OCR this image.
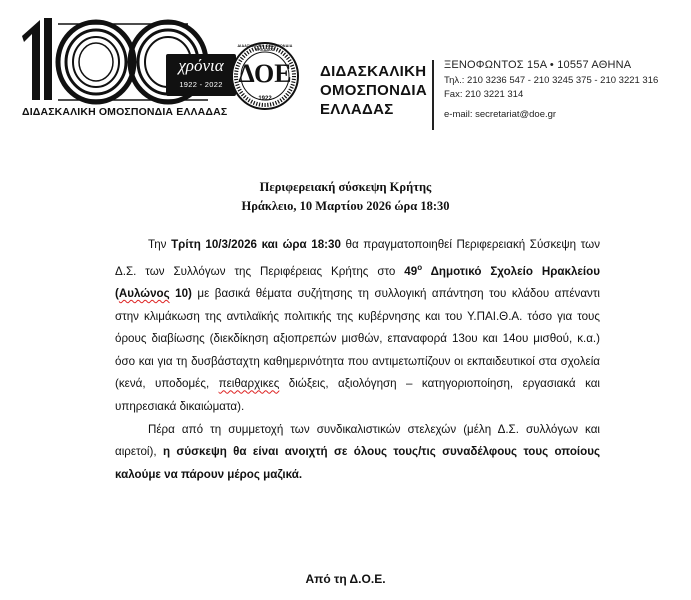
χρόνια
1922 - 2022 ΔΟΕ
ΔΙΔΑΣΚΑΛΙΚΗ ΟΜΟΣΠΟΝΔΙΑ ΕΛΛΑΔΟΣ
1922
ΔΙΔΑΣΚΑΛΙΚΗ ΟΜΟΣΠΟΝΔΙΑ ΕΛΛΑΔΑΣ
ΔΙΔΑΣΚΑΛΙΚΗ
ΟΜΟΣΠΟΝΔΙΑ
ΕΛΛΑΔΑΣ
ΞΕΝΟΦΩΝΤΟΣ 15Α • 10557 ΑΘΗΝΑ
Τηλ.: 210 3236 547 - 210 3245 375 - 210 3221 316
Fax: 210 3221 314
e-mail: secretariat@doe.gr
Περιφερειακή σύσκεψη Κρήτης
Ηράκλειο, 10 Μαρτίου 2026 ώρα 18:30

Την Τρίτη 10/3/2026 και ώρα 18:30 θα πραγματοποιηθεί Περιφερειακή Σύσκεψη των Δ.Σ. των Συλλόγων της Περιφέρειας Κρήτης στο $49^o$ Δημοτικό Σχολείο Ηρακλείου (Αυλώνος 10) με βασικά θέματα συζήτησης τη συλλογική απάντηση του κλάδου απέναντι στην κλιμάκωση της αντιλαϊκής πολιτικής της κυβέρνησης και του Υ.ΠΑΙ.Θ.Α. τόσο για τους όρους διαβίωσης (διεκδίκηση αξιοπρεπών μισθών, επαναφορά 13ου και 14ου μισθού, κ.α.) όσο και για τη δυσβάσταχτη καθημερινότητα που αντιμετωπίζουν οι εκπαιδευτικοί στα σχολεία (κενά, υποδομές, πειθαρχικες διώξεις, αξιολόγηση – κατηγοριοποίηση, εργασιακά και υπηρεσιακά δικαιώματα).

Πέρα από τη συμμετοχή των συνδικαλιστικών στελεχών (μέλη Δ.Σ. συλλόγων και αιρετοί), η σύσκεψη θα είναι ανοιχτή σε όλους τους/τις συναδέλφους τους οποίους καλούμε να πάρουν μέρος μαζικά.

Από τη Δ.Ο.Ε.
